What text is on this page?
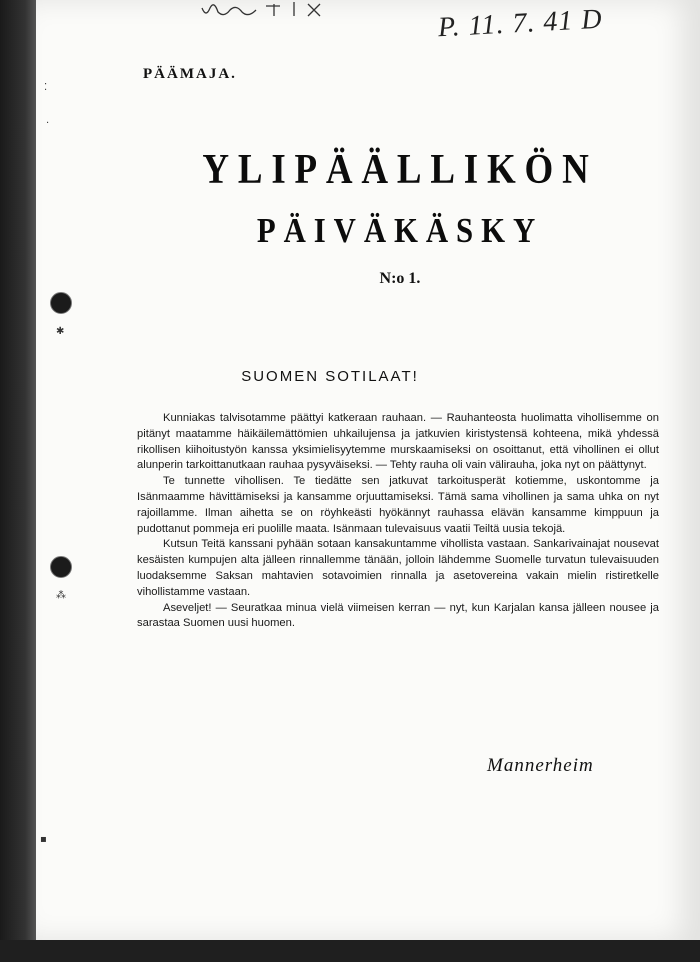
⁚
·
✱
⁂
▪
P. 11. 7. 41 D
PÄÄMAJA.
YLIPÄÄLLIKÖN
PÄIVÄKÄSKY
N:o 1.
SUOMEN SOTILAAT!

Kunniakas talvisotamme päättyi katkeraan rauhaan. — Rauhanteosta huolimatta vihollisemme on pitänyt maatamme häikäilemättömien uhkailujensa ja jatkuvien kiristystensä kohteena, mikä yhdessä rikollisen kiihoitustyön kanssa yksimielisyytemme murskaamiseksi on osoittanut, että vihollinen ei ollut alunperin tarkoittanutkaan rauhaa pysyväiseksi. — Tehty rauha oli vain välirauha, joka nyt on päättynyt.

Te tunnette vihollisen. Te tiedätte sen jatkuvat tarkoitusperät kotiemme, uskontomme ja Isänmaamme hävittämiseksi ja kansamme orjuuttamiseksi. Tämä sama vihollinen ja sama uhka on nyt rajoillamme. Ilman aihetta se on röyhkeästi hyökännyt rauhassa elävän kansamme kimppuun ja pudottanut pommeja eri puolille maata. Isänmaan tulevaisuus vaatii Teiltä uusia tekojä.

Kutsun Teitä kanssani pyhään sotaan kansakuntamme vihollista vastaan. Sankarivainajat nousevat kesäisten kumpujen alta jälleen rinnallemme tänään, jolloin lähdemme Suomelle turvatun tulevaisuuden luodaksemme Saksan mahtavien sotavoimien rinnalla ja asetovereina vakain mielin ristiretkelle vihollistamme vastaan.

Aseveljet! — Seuratkaa minua vielä viimeisen kerran — nyt, kun Karjalan kansa jälleen nousee ja sarastaa Suomen uusi huomen.

Mannerheim
